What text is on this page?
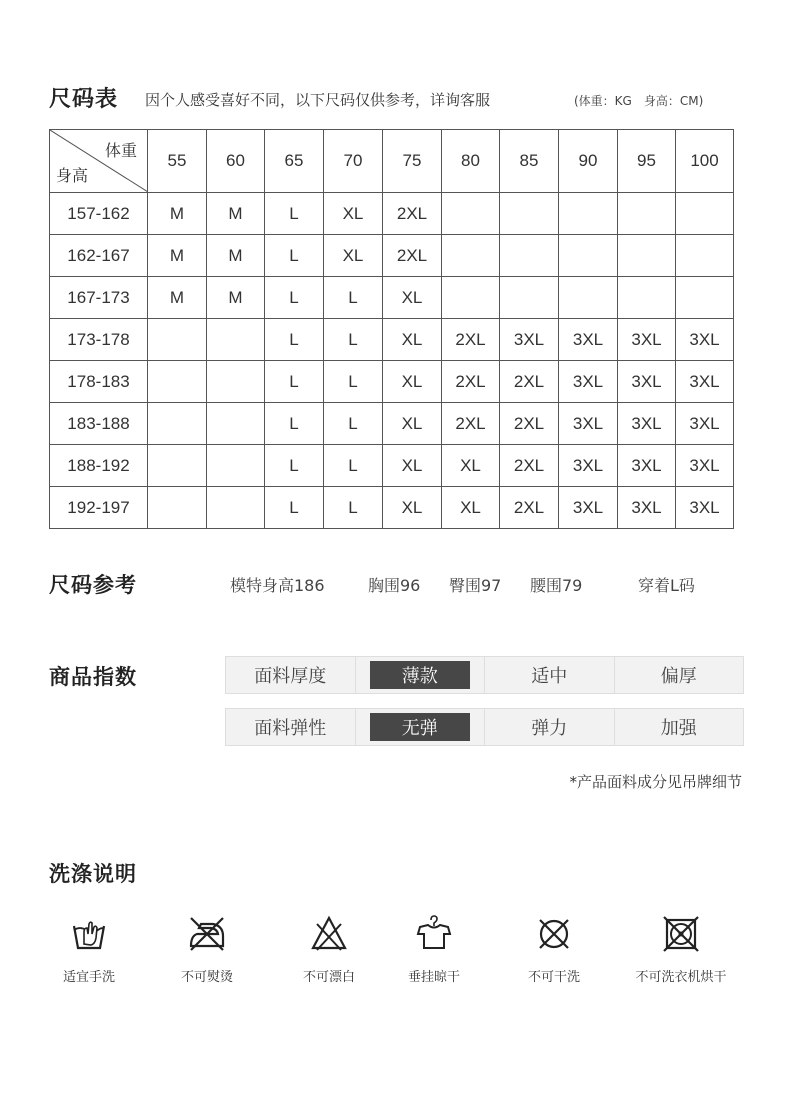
尺码表 因个人感受喜好不同，以下尺码仅供参考，详询客服	(体重：KG　身高：CM)
体重
身高	55	60	65	70	75	80	85	90	95	100
157-162	M	M	L	XL	2XL					
162-167	M	M	L	XL	2XL					
167-173	M	M	L	L	XL					
173-178			L	L	XL	2XL	3XL	3XL	3XL	3XL
178-183			L	L	XL	2XL	2XL	3XL	3XL	3XL
183-188			L	L	XL	2XL	2XL	3XL	3XL	3XL
188-192			L	L	XL	XL	2XL	3XL	3XL	3XL
192-197			L	L	XL	XL	2XL	3XL	3XL	3XL
尺码参考	模特身高186	胸围96 臀围97 腰围79	穿着L码
商品指数	面料厚度	薄款	适中	偏厚
面料弹性	无弹	弹力	加强
*产品面料成分见吊牌细节
洗涤说明
适宜手洗	不可熨烫	不可漂白	垂挂晾干	不可干洗	不可洗衣机烘干
